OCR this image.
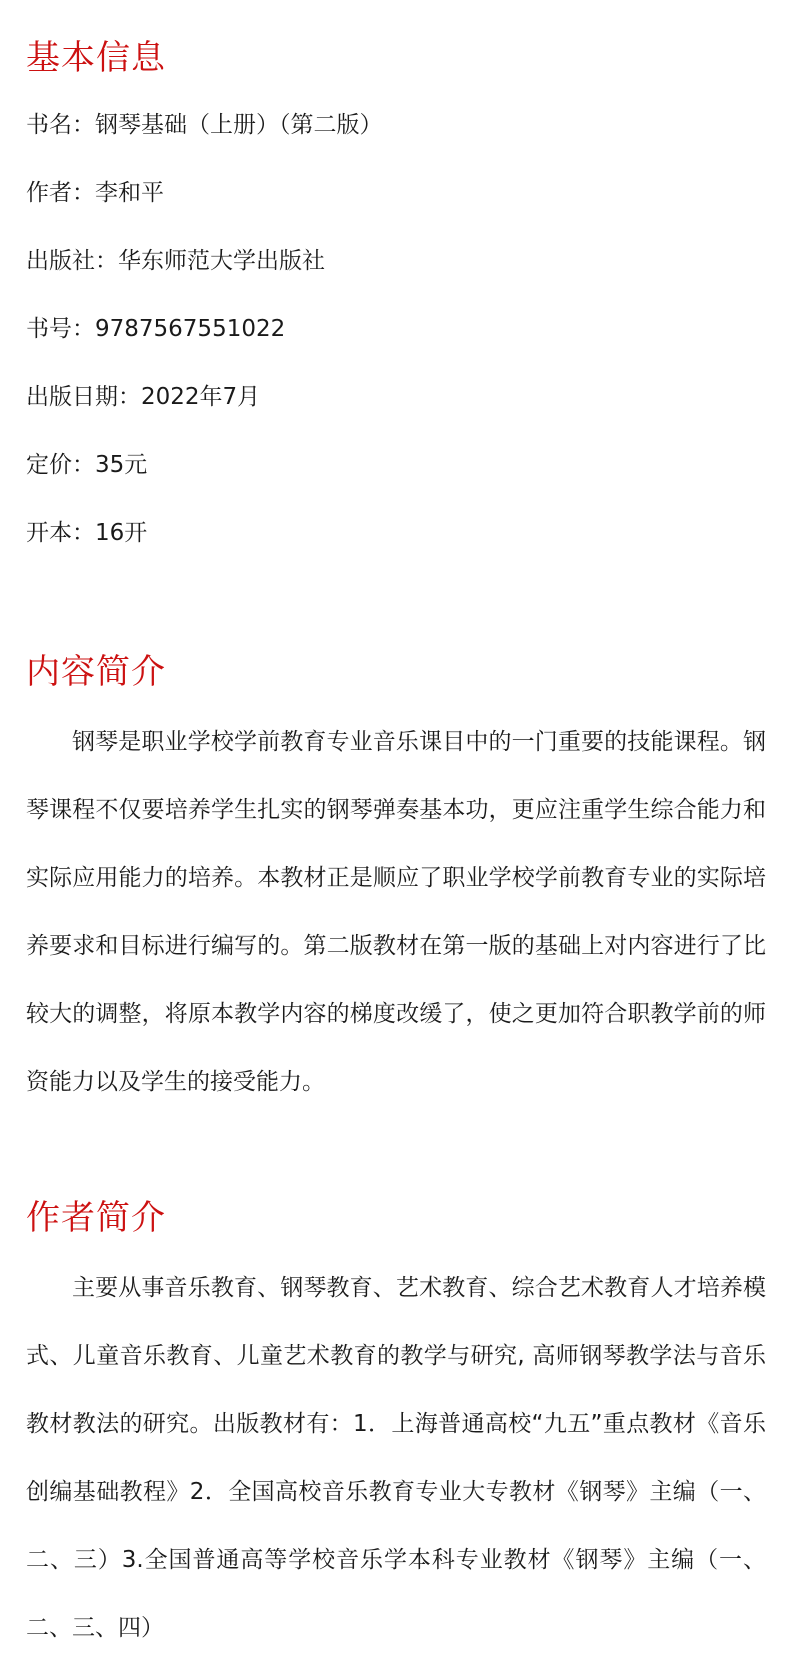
基本信息
书名：钢琴基础（上册）（第二版）
作者：李和平
出版社：华东师范大学出版社
书号：9787567551022
出版日期：2022年7月
定价：35元
开本：16开
内容简介

钢琴是职业学校学前教育专业音乐课目中的一门重要的技能课程。钢琴课程不仅要培养学生扎实的钢琴弹奏基本功，更应注重学生综合能力和实际应用能力的培养。本教材正是顺应了职业学校学前教育专业的实际培养要求和目标进行编写的。第二版教材在第一版的基础上对内容进行了比较大的调整，将原本教学内容的梯度改缓了，使之更加符合职教学前的师资能力以及学生的接受能力。

作者简介

主要从事音乐教育、钢琴教育、艺术教育、综合艺术教育人才培养模式、儿童音乐教育、儿童艺术教育的教学与研究, 高师钢琴教学法与音乐教材教法的研究。出版教材有：1．上海普通高校“九五”重点教材《音乐创编基础教程》2．全国高校音乐教育专业大专教材《钢琴》主编（一、二、三）3.全国普通高等学校音乐学本科专业教材《钢琴》主编（一、二、三、四）
